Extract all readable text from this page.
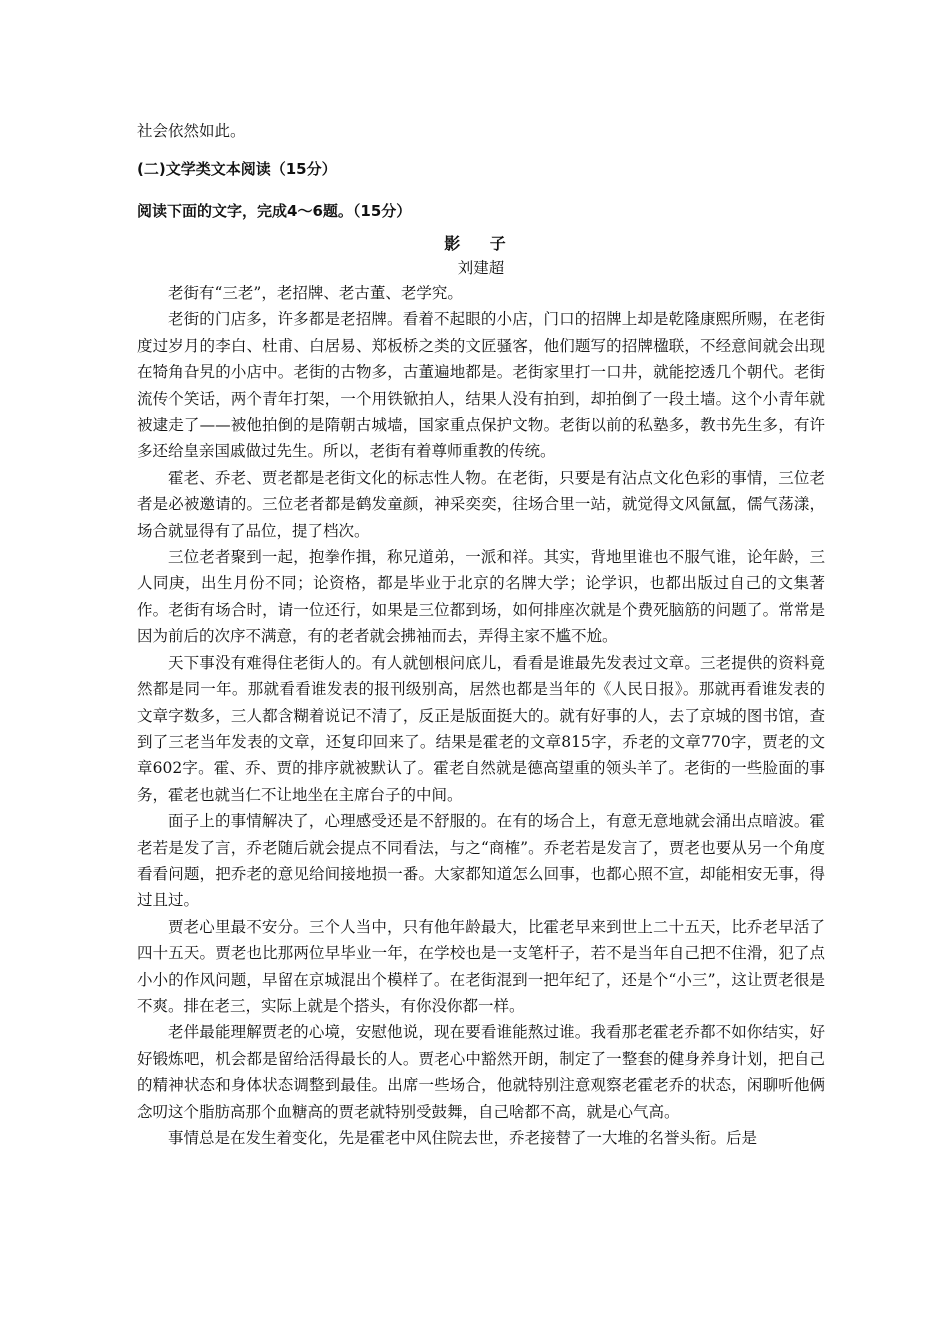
社会依然如此。

(二)文学类文本阅读（15分）

阅读下面的文字，完成4～6题。（15分）

影 子
刘建超

老街有“三老”，老招牌、老古董、老学究。

老街的门店多，许多都是老招牌。看着不起眼的小店，门口的招牌上却是乾隆康熙所赐，在老街度过岁月的李白、杜甫、白居易、郑板桥之类的文匠骚客，他们题写的招牌楹联，不经意间就会出现在犄角旮旯的小店中。老街的古物多，古董遍地都是。老街家里打一口井，就能挖透几个朝代。老街流传个笑话，两个青年打架，一个用铁锨拍人，结果人没有拍到，却拍倒了一段土墙。这个小青年就被逮走了——被他拍倒的是隋朝古城墙，国家重点保护文物。老街以前的私塾多，教书先生多，有许多还给皇亲国戚做过先生。所以，老街有着尊师重教的传统。

霍老、乔老、贾老都是老街文化的标志性人物。在老街，只要是有沾点文化色彩的事情，三位老者是必被邀请的。三位老者都是鹤发童颜，神采奕奕，往场合里一站，就觉得文风氤氲，儒气荡漾，场合就显得有了品位，提了档次。

三位老者聚到一起，抱拳作揖，称兄道弟，一派和祥。其实，背地里谁也不服气谁，论年龄，三人同庚，出生月份不同；论资格，都是毕业于北京的名牌大学；论学识，也都出版过自己的文集著作。老街有场合时，请一位还行，如果是三位都到场，如何排座次就是个费死脑筋的问题了。常常是因为前后的次序不满意，有的老者就会拂袖而去，弄得主家不尴不尬。

天下事没有难得住老街人的。有人就刨根问底儿，看看是谁最先发表过文章。三老提供的资料竟然都是同一年。那就看看谁发表的报刊级别高，居然也都是当年的《人民日报》。那就再看谁发表的文章字数多，三人都含糊着说记不清了，反正是版面挺大的。就有好事的人，去了京城的图书馆，查到了三老当年发表的文章，还复印回来了。结果是霍老的文章815字，乔老的文章770字，贾老的文章602字。霍、乔、贾的排序就被默认了。霍老自然就是德高望重的领头羊了。老街的一些脸面的事务，霍老也就当仁不让地坐在主席台子的中间。

面子上的事情解决了，心理感受还是不舒服的。在有的场合上，有意无意地就会涌出点暗波。霍老若是发了言，乔老随后就会提点不同看法，与之“商榷”。乔老若是发言了，贾老也要从另一个角度看看问题，把乔老的意见给间接地损一番。大家都知道怎么回事，也都心照不宣，却能相安无事，得过且过。

贾老心里最不安分。三个人当中，只有他年龄最大，比霍老早来到世上二十五天，比乔老早活了四十五天。贾老也比那两位早毕业一年，在学校也是一支笔杆子，若不是当年自己把不住滑，犯了点小小的作风问题，早留在京城混出个模样了。在老街混到一把年纪了，还是个“小三”，这让贾老很是不爽。排在老三，实际上就是个搭头，有你没你都一样。

老伴最能理解贾老的心境，安慰他说，现在要看谁能熬过谁。我看那老霍老乔都不如你结实，好好锻炼吧，机会都是留给活得最长的人。贾老心中豁然开朗，制定了一整套的健身养身计划，把自己的精神状态和身体状态调整到最佳。出席一些场合，他就特别注意观察老霍老乔的状态，闲聊听他俩念叨这个脂肪高那个血糖高的贾老就特别受鼓舞，自己啥都不高，就是心气高。

事情总是在发生着变化，先是霍老中风住院去世，乔老接替了一大堆的名誉头衔。后是
